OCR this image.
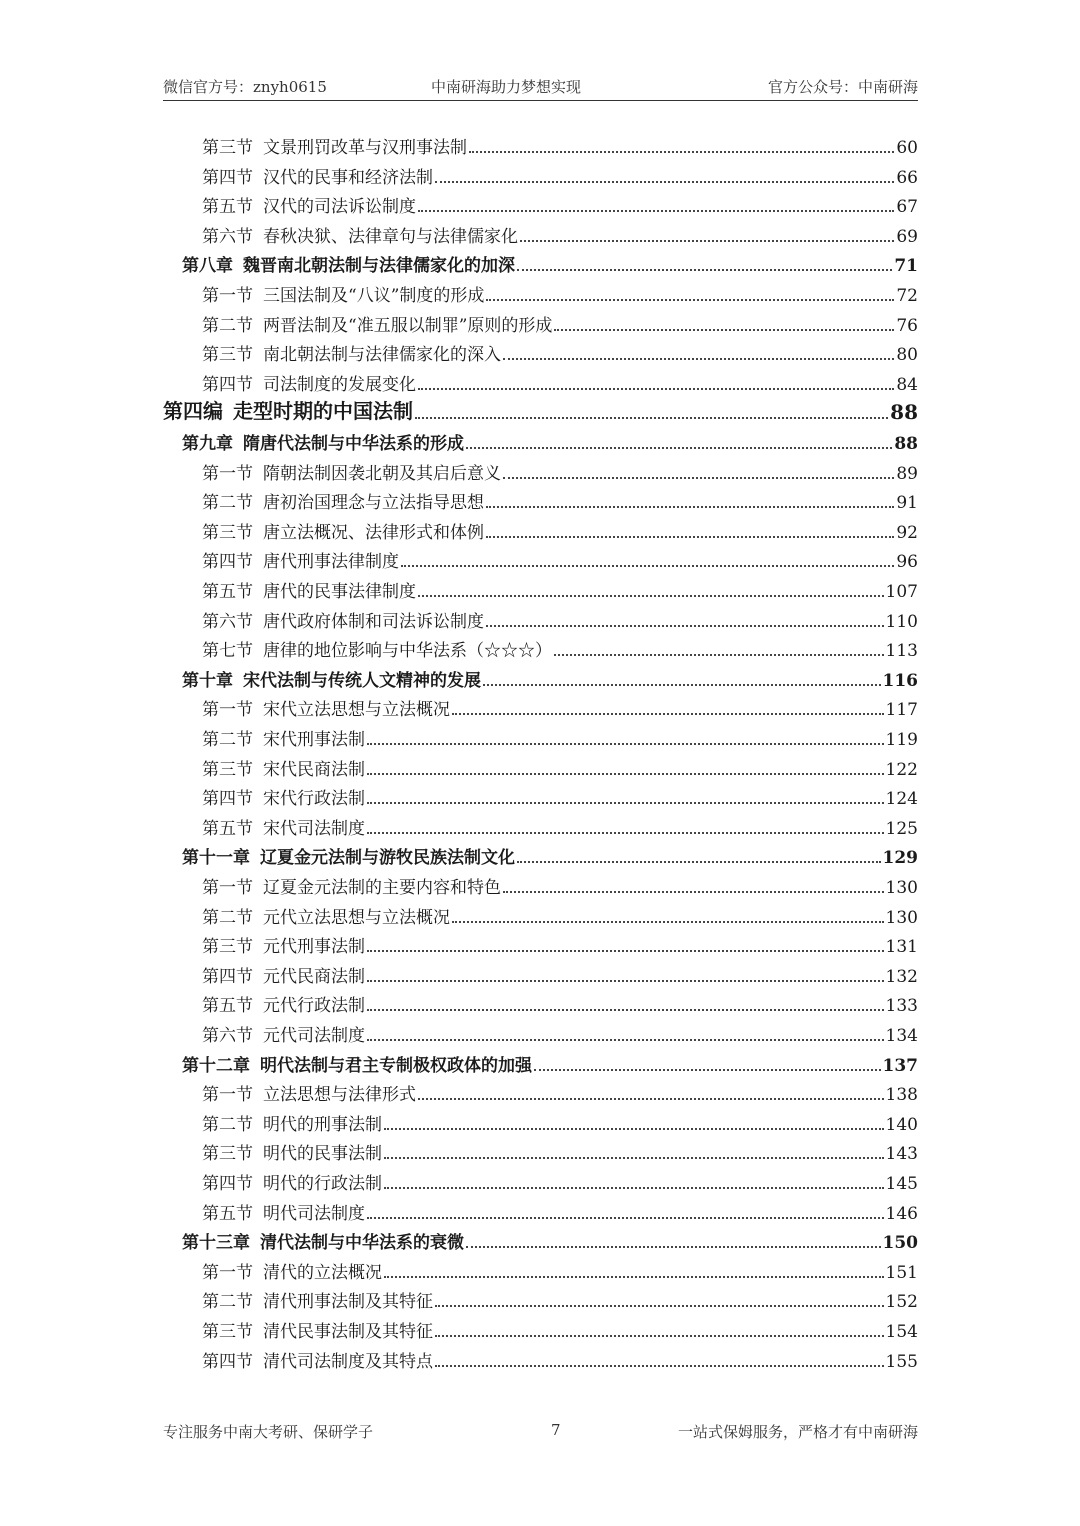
微信官方号：znyh0615	中南研海助力梦想实现	官方公众号：中南研海
第三节 文景刑罚改革与汉刑事法制	60
第四节 汉代的民事和经济法制	66
第五节 汉代的司法诉讼制度	67
第六节 春秋决狱、法律章句与法律儒家化	69
第八章 魏晋南北朝法制与法律儒家化的加深	71
第一节 三国法制及“八议”制度的形成	72
第二节 两晋法制及“准五服以制罪”原则的形成	76
第三节 南北朝法制与法律儒家化的深入	80
第四节 司法制度的发展变化	84
第四编 走型时期的中国法制	88
第九章 隋唐代法制与中华法系的形成	88
第一节 隋朝法制因袭北朝及其启后意义	89
第二节 唐初治国理念与立法指导思想	91
第三节 唐立法概况、法律形式和体例	92
第四节 唐代刑事法律制度	96
第五节 唐代的民事法律制度	107
第六节 唐代政府体制和司法诉讼制度	110
第七节 唐律的地位影响与中华法系（☆☆☆）	113
第十章 宋代法制与传统人文精神的发展	116
第一节 宋代立法思想与立法概况	117
第二节 宋代刑事法制	119
第三节 宋代民商法制	122
第四节 宋代行政法制	124
第五节 宋代司法制度	125
第十一章 辽夏金元法制与游牧民族法制文化	129
第一节 辽夏金元法制的主要内容和特色	130
第二节 元代立法思想与立法概况	130
第三节 元代刑事法制	131
第四节 元代民商法制	132
第五节 元代行政法制	133
第六节 元代司法制度	134
第十二章 明代法制与君主专制极权政体的加强	137
第一节 立法思想与法律形式	138
第二节 明代的刑事法制	140
第三节 明代的民事法制	143
第四节 明代的行政法制	145
第五节 明代司法制度	146
第十三章 清代法制与中华法系的衰微	150
第一节 清代的立法概况	151
第二节 清代刑事法制及其特征	152
第三节 清代民事法制及其特征	154
第四节 清代司法制度及其特点	155
专注服务中南大考研、保研学子	7	一站式保姆服务，严格才有中南研海
